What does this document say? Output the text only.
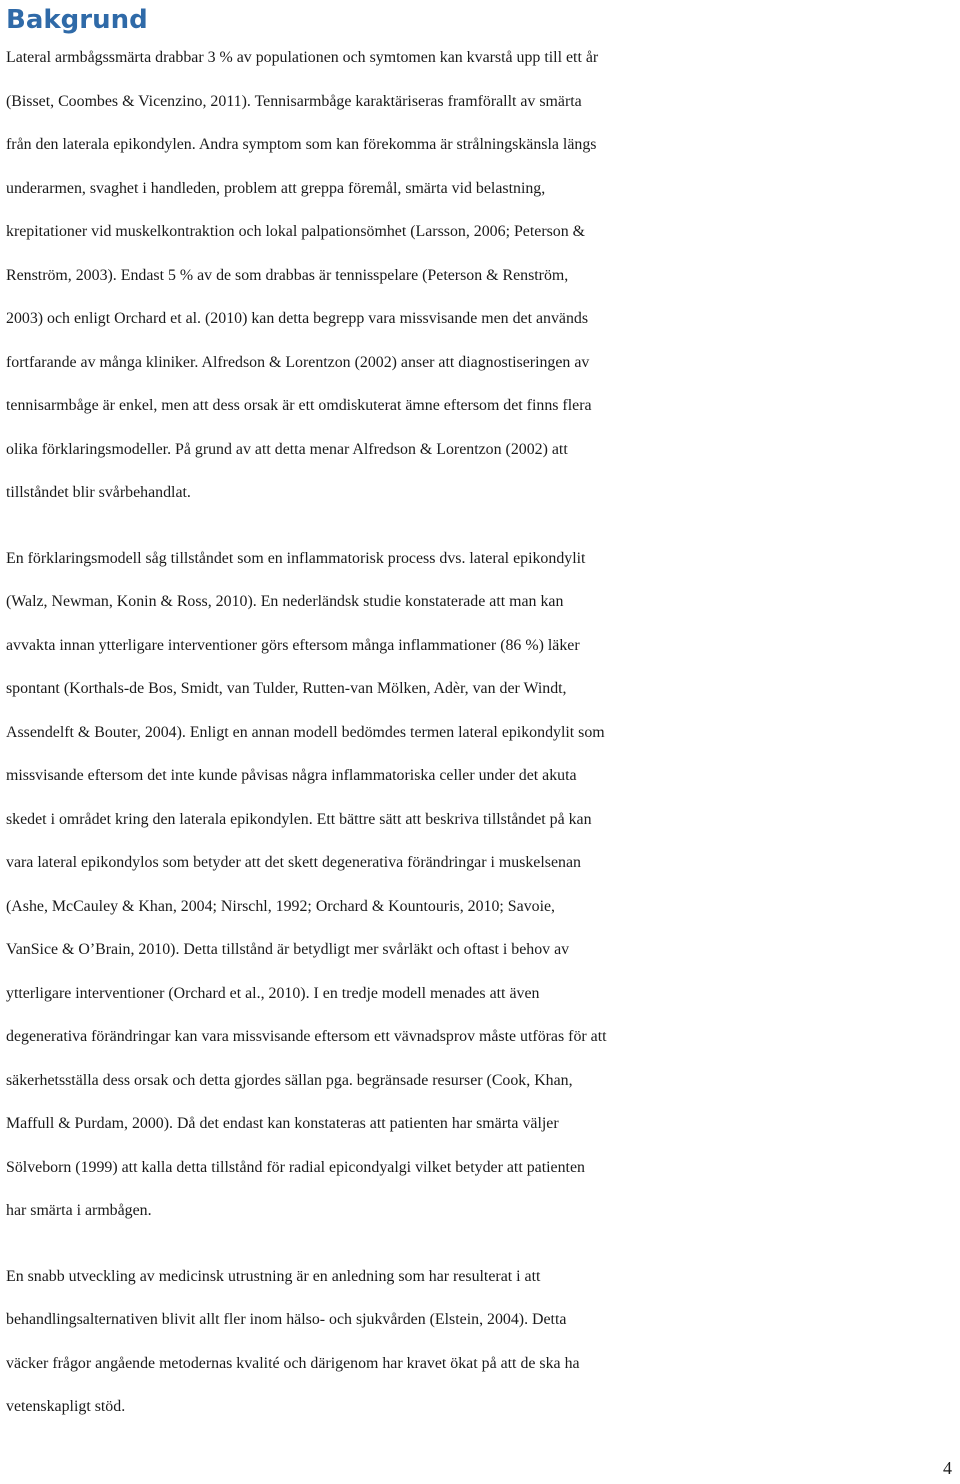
Bakgrund
Lateral armbågssmärta drabbar 3 % av populationen och symtomen kan kvarstå upp till ett år
(Bisset, Coombes & Vicenzino, 2011). Tennisarmbåge karaktäriseras framförallt av smärta
från den laterala epikondylen. Andra symptom som kan förekomma är strålningskänsla längs
underarmen, svaghet i handleden, problem att greppa föremål, smärta vid belastning,
krepitationer vid muskelkontraktion och lokal palpationsömhet (Larsson, 2006; Peterson &
Renström, 2003). Endast 5 % av de som drabbas är tennisspelare (Peterson & Renström,
2003) och enligt Orchard et al. (2010) kan detta begrepp vara missvisande men det används
fortfarande av många kliniker. Alfredson & Lorentzon (2002) anser att diagnostiseringen av
tennisarmbåge är enkel, men att dess orsak är ett omdiskuterat ämne eftersom det finns flera
olika förklaringsmodeller. På grund av att detta menar Alfredson & Lorentzon (2002) att
tillståndet blir svårbehandlat.
En förklaringsmodell såg tillståndet som en inflammatorisk process dvs. lateral epikondylit
(Walz, Newman, Konin & Ross, 2010). En nederländsk studie konstaterade att man kan
avvakta innan ytterligare interventioner görs eftersom många inflammationer (86 %) läker
spontant (Korthals-de Bos, Smidt, van Tulder, Rutten-van Mölken, Adèr, van der Windt,
Assendelft & Bouter, 2004). Enligt en annan modell bedömdes termen lateral epikondylit som
missvisande eftersom det inte kunde påvisas några inflammatoriska celler under det akuta
skedet i området kring den laterala epikondylen. Ett bättre sätt att beskriva tillståndet på kan
vara lateral epikondylos som betyder att det skett degenerativa förändringar i muskelsenan
(Ashe, McCauley & Khan, 2004; Nirschl, 1992; Orchard & Kountouris, 2010; Savoie,
VanSice & O’Brain, 2010). Detta tillstånd är betydligt mer svårläkt och oftast i behov av
ytterligare interventioner (Orchard et al., 2010). I en tredje modell menades att även
degenerativa förändringar kan vara missvisande eftersom ett vävnadsprov måste utföras för att
säkerhetsställa dess orsak och detta gjordes sällan pga. begränsade resurser (Cook, Khan,
Maffull & Purdam, 2000). Då det endast kan konstateras att patienten har smärta väljer
Sölveborn (1999) att kalla detta tillstånd för radial epicondyalgi vilket betyder att patienten
har smärta i armbågen.
En snabb utveckling av medicinsk utrustning är en anledning som har resulterat i att
behandlingsalternativen blivit allt fler inom hälso- och sjukvården (Elstein, 2004). Detta
väcker frågor angående metodernas kvalité och därigenom har kravet ökat på att de ska ha
vetenskapligt stöd.
4
